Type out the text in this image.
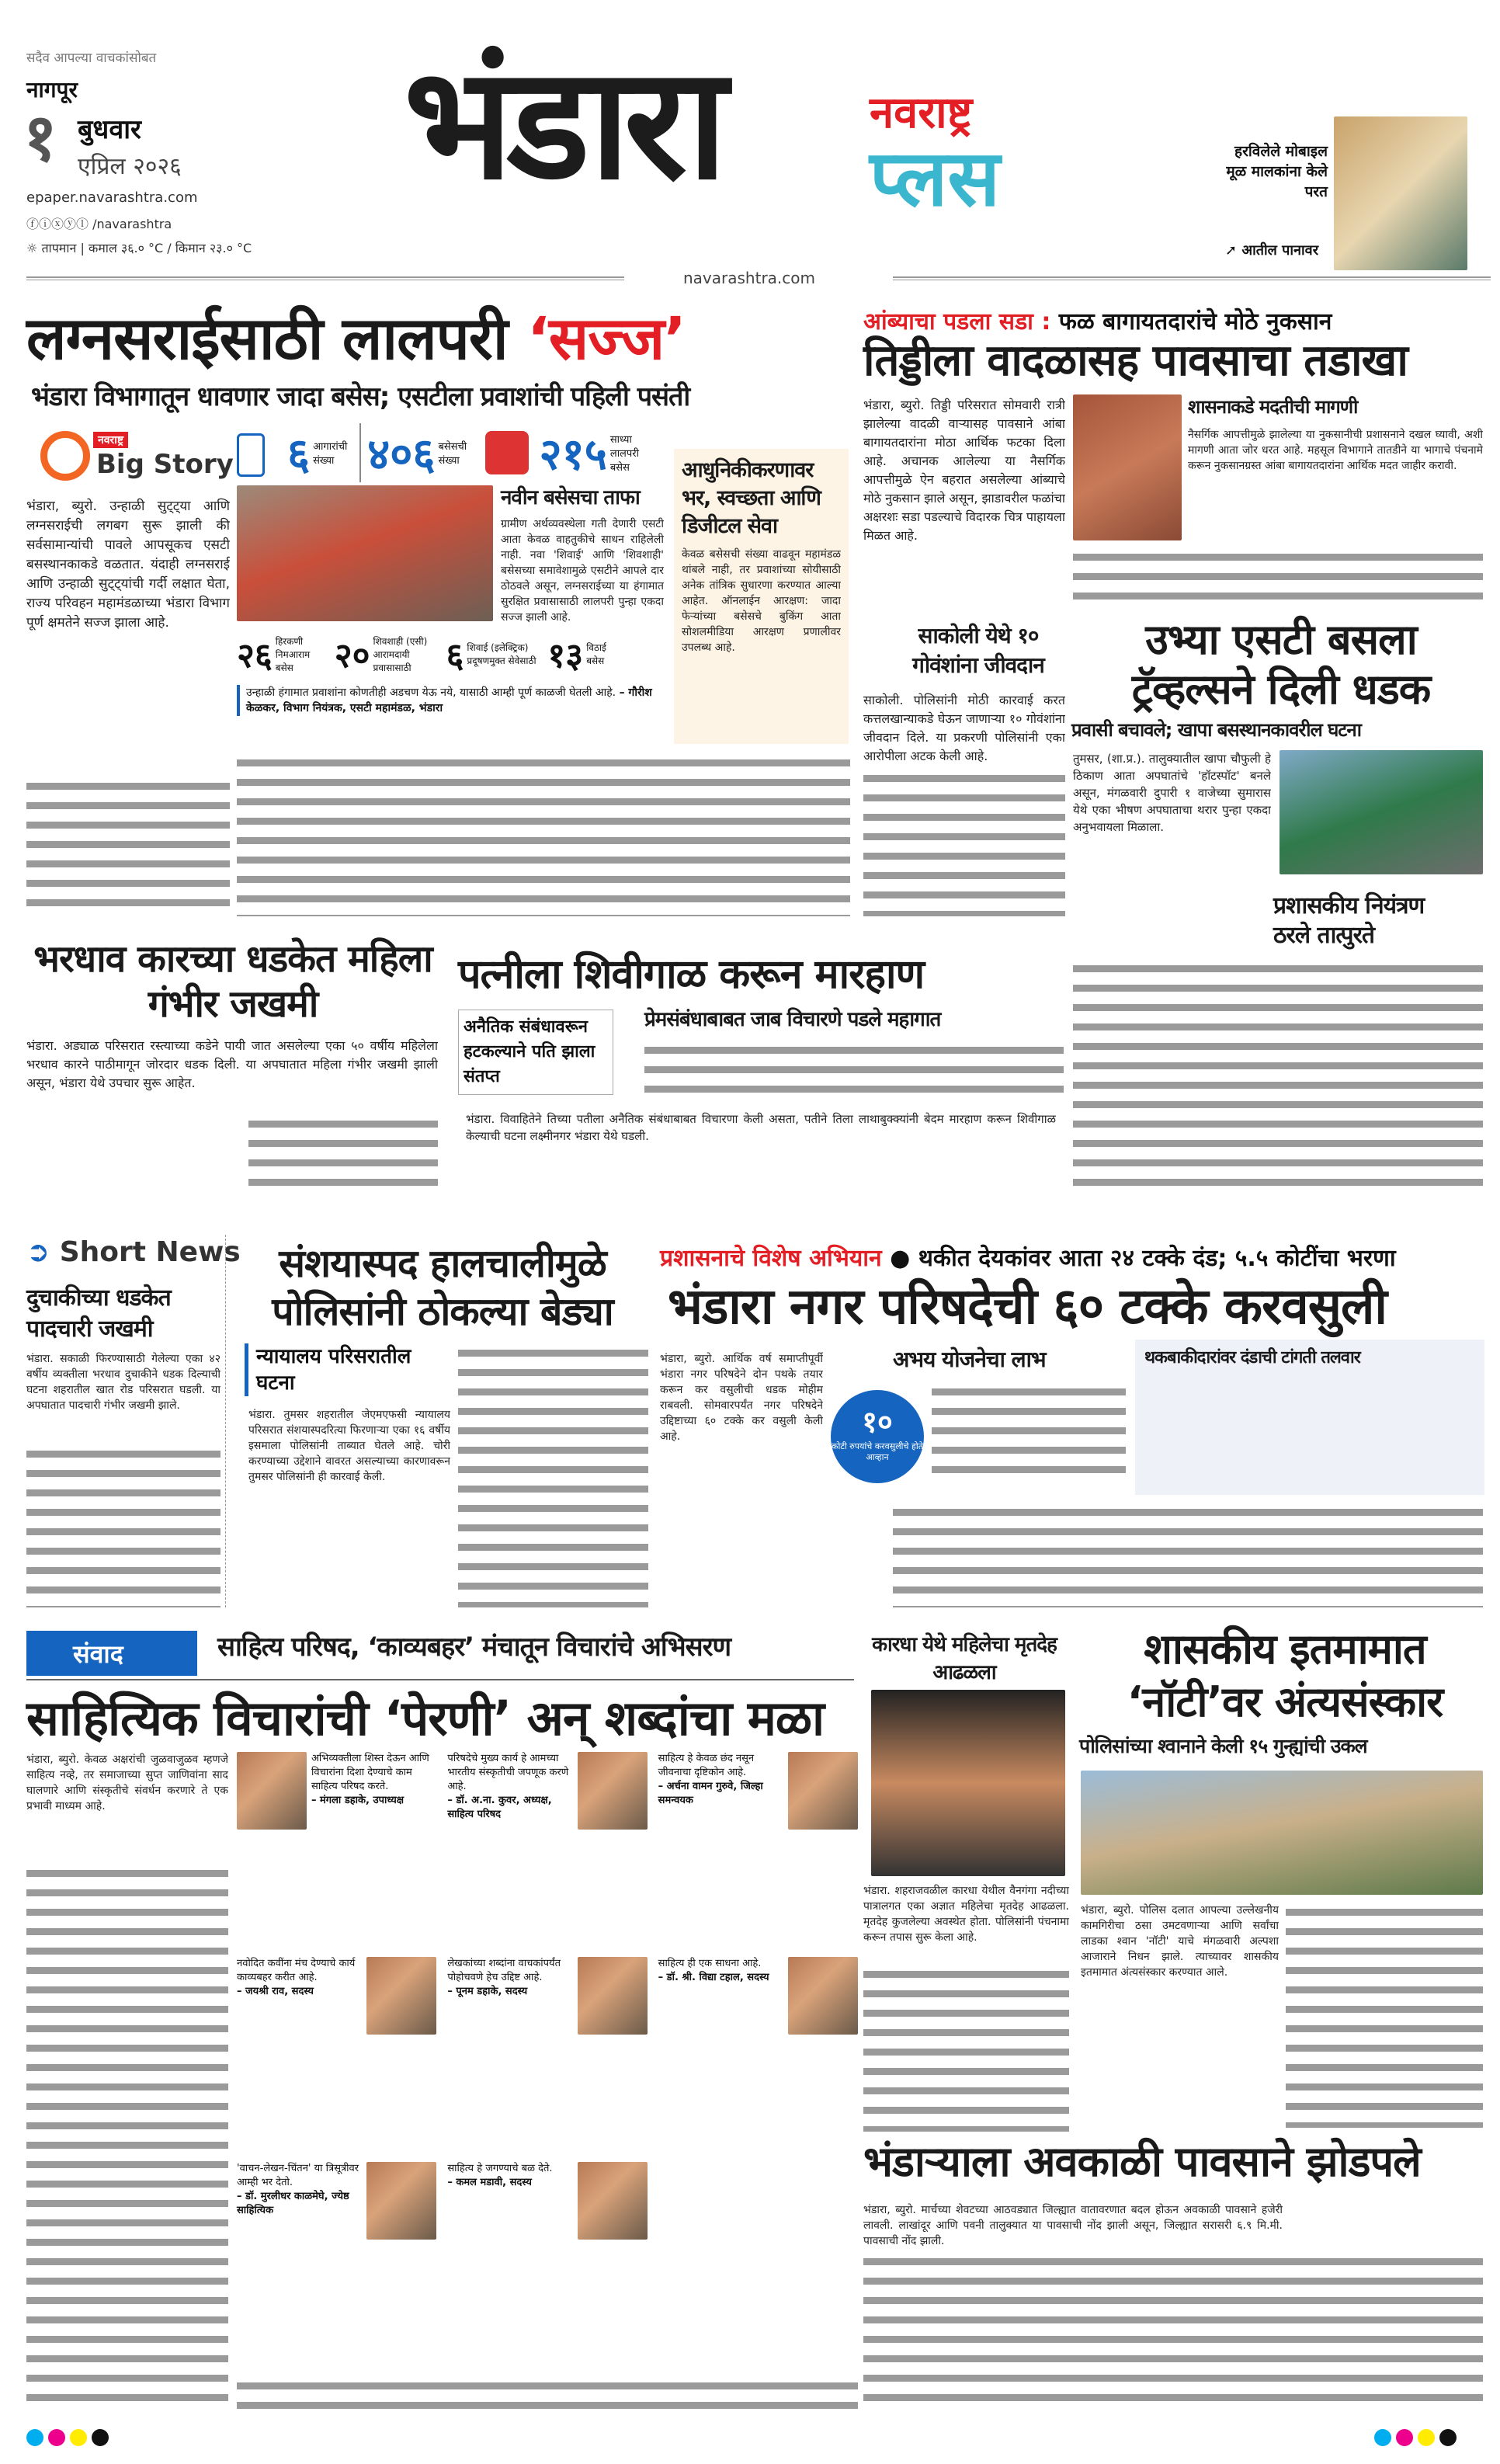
सदैव आपल्या वाचकांसोबत
नागपूर
१ बुधवार
एप्रिल २०२६
epaper.navarashtra.com
ⓕⓘⓧⓨⓛ /navarashtra
☼ तापमान | कमाल ३६.० °C / किमान २३.० °C
भंडारा	नवराष्ट्र
प्लस	हरविलेले मोबाइल मूळ मालकांना केले परत
➚ आतील पानावर
navarashtra.com
लग्नसराईसाठी लालपरी ‘सज्ज’
भंडारा विभागातून धावणार जादा बसेस; एसटीला प्रवाशांची पहिली पसंती
नवराष्ट्र
Big Story ६ आगारांची संख्या ४०६ बसेसची संख्या	२१५ साध्या लालपरी बसेस
नवीन बसेसचा ताफा
ग्रामीण अर्थव्यवस्थेला गती देणारी एसटी आता केवळ वाहतुकीचे साधन राहिलेली नाही. नवा 'शिवाई' आणि 'शिवशाही' बसेसच्या समावेशामुळे एसटीने आपले दार ठोठवले असून, लग्नसराईच्या या हंगामात सुरक्षित प्रवासासाठी लालपरी पुन्हा एकदा सज्ज झाली आहे.
आधुनिकीकरणावर भर, स्वच्छता आणि डिजीटल सेवा
केवळ बसेसची संख्या वाढवून महामंडळ थांबले नाही, तर प्रवाशांच्या सोयीसाठी अनेक तांत्रिक सुधारणा करण्यात आल्या आहेत. ऑनलाईन आरक्षण: जादा फेऱ्यांच्या बसेसचे बुकिंग आता सोशलमीडिया आरक्षण प्रणालीवर उपलब्ध आहे.
२६ हिरकणी निमआराम बसेस	२० शिवशाही (एसी) आरामदायी प्रवासासाठी	६ शिवाई (इलेक्ट्रिक) प्रदूषणमुक्त सेवेसाठी १३ विठाई बसेस
उन्हाळी हंगामात प्रवाशांना कोणतीही अडचण येऊ नये, यासाठी आम्ही पूर्ण काळजी घेतली आहे. – गौरीश केळकर, विभाग नियंत्रक, एसटी महामंडळ, भंडारा
भंडारा, ब्युरो. उन्हाळी सुट्ट्या आणि लग्नसराईची लगबग सुरू झाली की सर्वसामान्यांची पावले आपसूकच एसटी बसस्थानकाकडे वळतात. यंदाही लग्नसराई आणि उन्हाळी सुट्ट्यांची गर्दी लक्षात घेता, राज्य परिवहन महामंडळाच्या भंडारा विभाग पूर्ण क्षमतेने सज्ज झाला आहे.
आंब्याचा पडला सडा : फळ बागायतदारांचे मोठे नुकसान
तिड्डीला वादळासह पावसाचा तडाखा
भंडारा, ब्युरो. तिड्डी परिसरात सोमवारी रात्री झालेल्या वादळी वाऱ्यासह पावसाने आंबा बागायतदारांना मोठा आर्थिक फटका दिला आहे. अचानक आलेल्या या नैसर्गिक आपत्तीमुळे ऐन बहरात असलेल्या आंब्याचे मोठे नुकसान झाले असून, झाडावरील फळांचा अक्षरशः सडा पडल्याचे विदारक चित्र पाहायला मिळत आहे.
शासनाकडे मदतीची मागणी
नैसर्गिक आपत्तीमुळे झालेल्या या नुकसानीची प्रशासनाने दखल घ्यावी, अशी मागणी आता जोर धरत आहे. महसूल विभागाने तातडीने या भागाचे पंचनामे करून नुकसानग्रस्त आंबा बागायतदारांना आर्थिक मदत जाहीर करावी.
साकोली येथे १० गोवंशांना जीवदान
साकोली. पोलिसांनी मोठी कारवाई करत कत्तलखान्याकडे घेऊन जाणाऱ्या १० गोवंशांना जीवदान दिले. या प्रकरणी पोलिसांनी एका आरोपीला अटक केली आहे.
उभ्या एसटी बसला ट्रॅव्हल्सने दिली धडक
प्रवासी बचावले; खापा बसस्थानकावरील घटना
तुमसर, (शा.प्र.). तालुक्यातील खापा चौफुली हे ठिकाण आता अपघातांचे 'हॉटस्पॉट' बनले असून, मंगळवारी दुपारी १ वाजेच्या सुमारास येथे एका भीषण अपघाताचा थरार पुन्हा एकदा अनुभवायला मिळाला.
प्रशासकीय नियंत्रण ठरले तात्पुरते
भरधाव कारच्या धडकेत महिला गंभीर जखमी
भंडारा. अड्याळ परिसरात रस्त्याच्या कडेने पायी जात असलेल्या एका ५० वर्षीय महिलेला भरधाव कारने पाठीमागून जोरदार धडक दिली. या अपघातात महिला गंभीर जखमी झाली असून, भंडारा येथे उपचार सुरू आहेत.
पत्नीला शिवीगाळ करून मारहाण
अनैतिक संबंधावरून हटकल्याने पति झाला संतप्त
प्रेमसंबंधाबाबत जाब विचारणे पडले महागात
भंडारा. विवाहितेने तिच्या पतीला अनैतिक संबंधाबाबत विचारणा केली असता, पतीने तिला लाथाबुक्क्यांनी बेदम मारहाण करून शिवीगाळ केल्याची घटना लक्ष्मीनगर भंडारा येथे घडली.
➲ Short News
दुचाकीच्या धडकेत पादचारी जखमी
भंडारा. सकाळी फिरण्यासाठी गेलेल्या एका ४२ वर्षीय व्यक्तीला भरधाव दुचाकीने धडक दिल्याची घटना शहरातील खात रोड परिसरात घडली. या अपघातात पादचारी गंभीर जखमी झाले.
संशयास्पद हालचालीमुळे पोलिसांनी ठोकल्या बेड्या
न्यायालय परिसरातील घटना
भंडारा. तुमसर शहरातील जेएमएफसी न्यायालय परिसरात संशयास्पदरित्या फिरणाऱ्या एका १६ वर्षीय इसमाला पोलिसांनी ताब्यात घेतले आहे. चोरी करण्याच्या उद्देशाने वावरत असल्याच्या कारणावरून तुमसर पोलिसांनी ही कारवाई केली.
प्रशासनाचे विशेष अभियान ● थकीत देयकांवर आता २४ टक्के दंड; ५.५ कोटींचा भरणा
भंडारा नगर परिषदेची ६० टक्के करवसुली
भंडारा, ब्युरो. आर्थिक वर्ष समाप्तीपूर्वी भंडारा नगर परिषदेने दोन पथके तयार करून कर वसुलीची धडक मोहीम राबवली. सोमवारपर्यंत नगर परिषदेने उद्दिष्टाच्या ६० टक्के कर वसुली केली आहे.
अभय योजनेचा लाभ
१०
कोटी रुपयांचे करवसुलीचे होते आव्हान
थकबाकीदारांवर दंडाची टांगती तलवार
संवाद	साहित्य परिषद, ‘काव्यबहर’ मंचातून विचारांचे अभिसरण
साहित्यिक विचारांची ‘पेरणी’ अन् शब्दांचा मळा
भंडारा, ब्युरो. केवळ अक्षरांची जुळवाजुळव म्हणजे साहित्य नव्हे, तर समाजाच्या सुप्त जाणिवांना साद घालणारे आणि संस्कृतीचे संवर्धन करणारे ते एक प्रभावी माध्यम आहे.
अभिव्यक्तीला शिस्त देऊन आणि विचारांना दिशा देण्याचे काम साहित्य परिषद करते.
– मंगला डहाके, उपाध्यक्ष
परिषदेचे मुख्य कार्य हे आमच्या भारतीय संस्कृतीची जपणूक करणे आहे.
– डॉ. अ.ना. कुवर, अध्यक्ष, साहित्य परिषद
साहित्य हे केवळ छंद नसून जीवनाचा दृष्टिकोन आहे.
– अर्चना वामन गुरुवे, जिल्हा समन्वयक
नवोदित कवींना मंच देण्याचे कार्य काव्यबहर करीत आहे.
– जयश्री राव, सदस्य
लेखकांच्या शब्दांना वाचकांपर्यंत पोहोचवणे हेच उद्दिष्ट आहे.
– पूनम डहाके, सदस्य
साहित्य ही एक साधना आहे.
– डॉ. श्री. विद्या टहाल, सदस्य
'वाचन-लेखन-चिंतन' या त्रिसूत्रीवर आम्ही भर देतो.
– डॉ. मुरलीधर काळमेघे, ज्येष्ठ साहित्यिक
साहित्य हे जगण्याचे बळ देते.
– कमल मडावी, सदस्य
कारधा येथे महिलेचा मृतदेह आढळला
भंडारा. शहराजवळील कारधा येथील वैनगंगा नदीच्या पात्रालगत एका अज्ञात महिलेचा मृतदेह आढळला. मृतदेह कुजलेल्या अवस्थेत होता. पोलिसांनी पंचनामा करून तपास सुरू केला आहे.
शासकीय इतमामात ‘नॉटी’वर अंत्यसंस्कार
पोलिसांच्या श्वानाने केली १५ गुन्ह्यांची उकल
भंडारा, ब्युरो. पोलिस दलात आपल्या उल्लेखनीय कामगिरीचा ठसा उमटवणाऱ्या आणि सर्वांचा लाडका श्वान 'नॉटी' याचे मंगळवारी अल्पशा आजाराने निधन झाले. त्याच्यावर शासकीय इतमामात अंत्यसंस्कार करण्यात आले.
भंडाऱ्याला अवकाळी पावसाने झोडपले
भंडारा, ब्युरो. मार्चच्या शेवटच्या आठवड्यात जिल्ह्यात वातावरणात बदल होऊन अवकाळी पावसाने हजेरी लावली. लाखांदूर आणि पवनी तालुक्यात या पावसाची नोंद झाली असून, जिल्ह्यात सरासरी ६.९ मि.मी. पावसाची नोंद झाली.
